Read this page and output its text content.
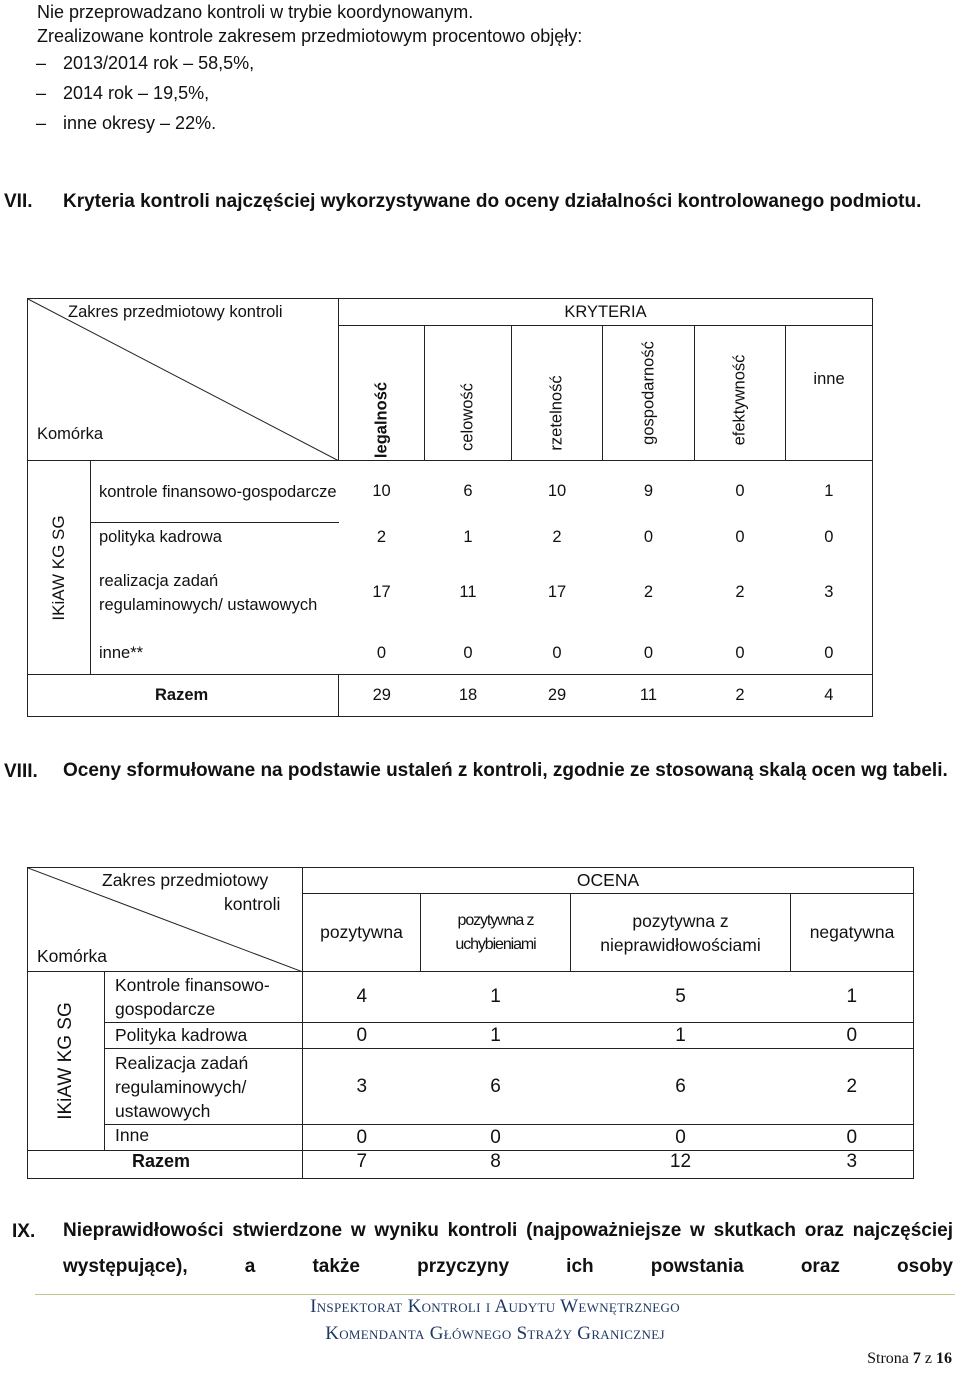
Nie przeprowadzano kontroli w trybie koordynowanym.

Zrealizowane kontrole zakresem przedmiotowym procentowo objęły:

– 2013/2014 rok – 58,5%,
– 2014 rok – 19,5%,
– inne okresy – 22%.
VII. Kryteria kontroli najczęściej wykorzystywane do oceny działalności kontrolowanego podmiotu.
Zakres przedmiotowy kontroli
Komórka		KRYTERIA					

		legalność	celowość	rzetelność	gospodarność	efektywność	inne

IKiAW KG SG	kontrole finansowo-gospodarcze	10	6	10	9	0	1
	polityka kadrowa	2	1	2	0	0	0
	realizacja zadań regulaminowych/ ustawowych	17	11	17	2	2	3
	inne**	0	0	0	0	0	0
Razem		29	18	29	11	2	4
VIII. Oceny sformułowane na podstawie ustaleń z kontroli, zgodnie ze stosowaną skalą ocen wg tabeli.
Zakres przedmiotowy
kontroli
Komórka		OCENA			
		pozytywna	pozytywna z uchybieniami	pozytywna z nieprawidłowościami	negatywna

IKiAW KG SG	Kontrole finansowo-gospodarcze	4	1	5	1
	Polityka kadrowa	0	1	1	0
	Realizacja zadań regulaminowych/ ustawowych	3	6	6	2
	Inne	0	0	0	0
Razem		7	8	12	3
IX. Nieprawidłowości stwierdzone w wyniku kontroli (najpoważniejsze w skutkach oraz najczęściej występujące), a także przyczyny ich powstania oraz osoby
Inspektorat Kontroli i Audytu Wewnętrznego
Komendanta Głównego Straży Granicznej
Strona 7 z 16
